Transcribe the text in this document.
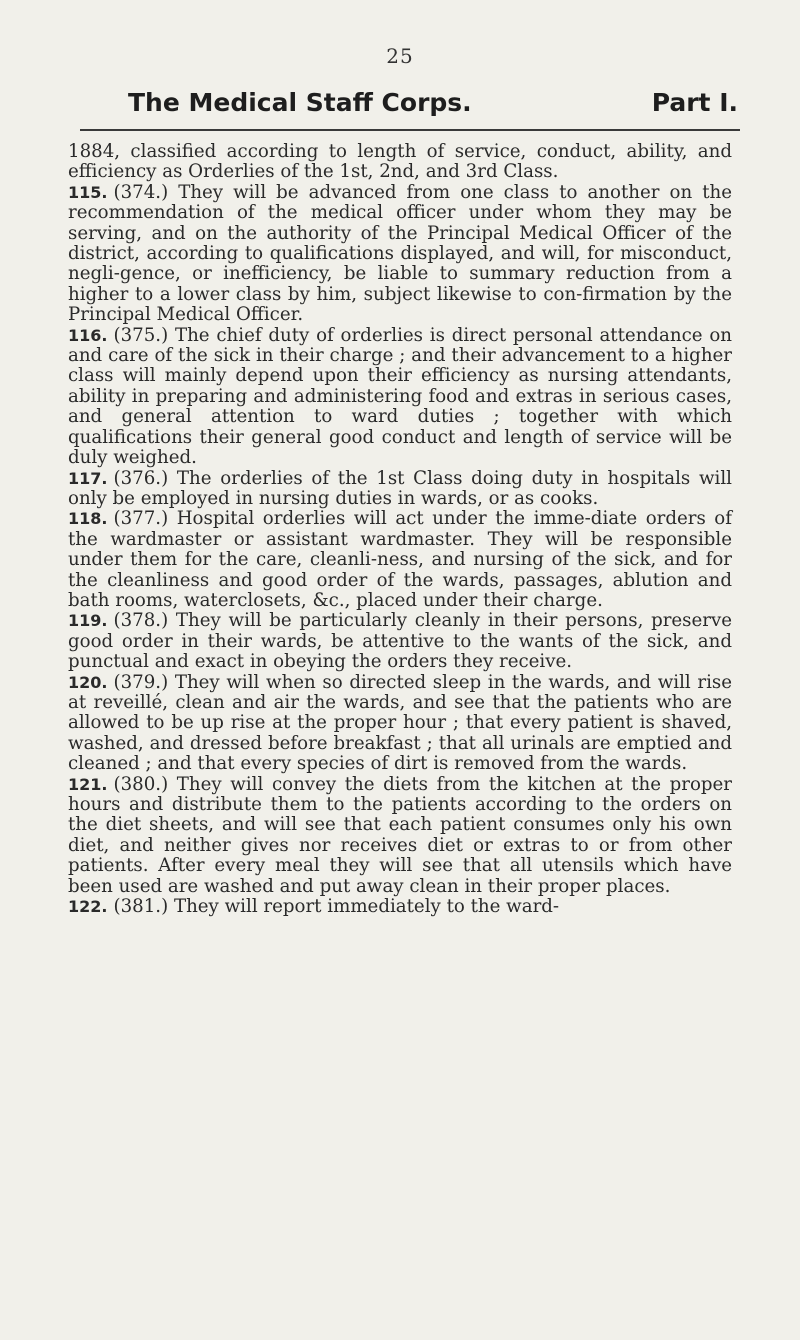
25
The Medical Staff Corps.	Part I.

1884, classified according to length of service, conduct, ability, and efficiency as Orderlies of the 1st, 2nd, and 3rd Class.

115. (374.) They will be advanced from one class to another on the recommendation of the medical officer under whom they may be serving, and on the authority of the Principal Medical Officer of the district, according to qualifications displayed, and will, for misconduct, negli-gence, or inefficiency, be liable to summary reduction from a higher to a lower class by him, subject likewise to con-firmation by the Principal Medical Officer.

116. (375.) The chief duty of orderlies is direct personal attendance on and care of the sick in their charge ; and their advancement to a higher class will mainly depend upon their efficiency as nursing attendants, ability in preparing and administering food and extras in serious cases, and general attention to ward duties ; together with which qualifications their general good conduct and length of service will be duly weighed.

117. (376.) The orderlies of the 1st Class doing duty in hospitals will only be employed in nursing duties in wards, or as cooks.

118. (377.) Hospital orderlies will act under the imme-diate orders of the wardmaster or assistant wardmaster. They will be responsible under them for the care, cleanli-ness, and nursing of the sick, and for the cleanliness and good order of the wards, passages, ablution and bath rooms, waterclosets, &c., placed under their charge.

119. (378.) They will be particularly cleanly in their persons, preserve good order in their wards, be attentive to the wants of the sick, and punctual and exact in obeying the orders they receive.

120. (379.) They will when so directed sleep in the wards, and will rise at reveillé, clean and air the wards, and see that the patients who are allowed to be up rise at the proper hour ; that every patient is shaved, washed, and dressed before breakfast ; that all urinals are emptied and cleaned ; and that every species of dirt is removed from the wards.

121. (380.) They will convey the diets from the kitchen at the proper hours and distribute them to the patients according to the orders on the diet sheets, and will see that each patient consumes only his own diet, and neither gives nor receives diet or extras to or from other patients. After every meal they will see that all utensils which have been used are washed and put away clean in their proper places.

122. (381.) They will report immediately to the ward-
